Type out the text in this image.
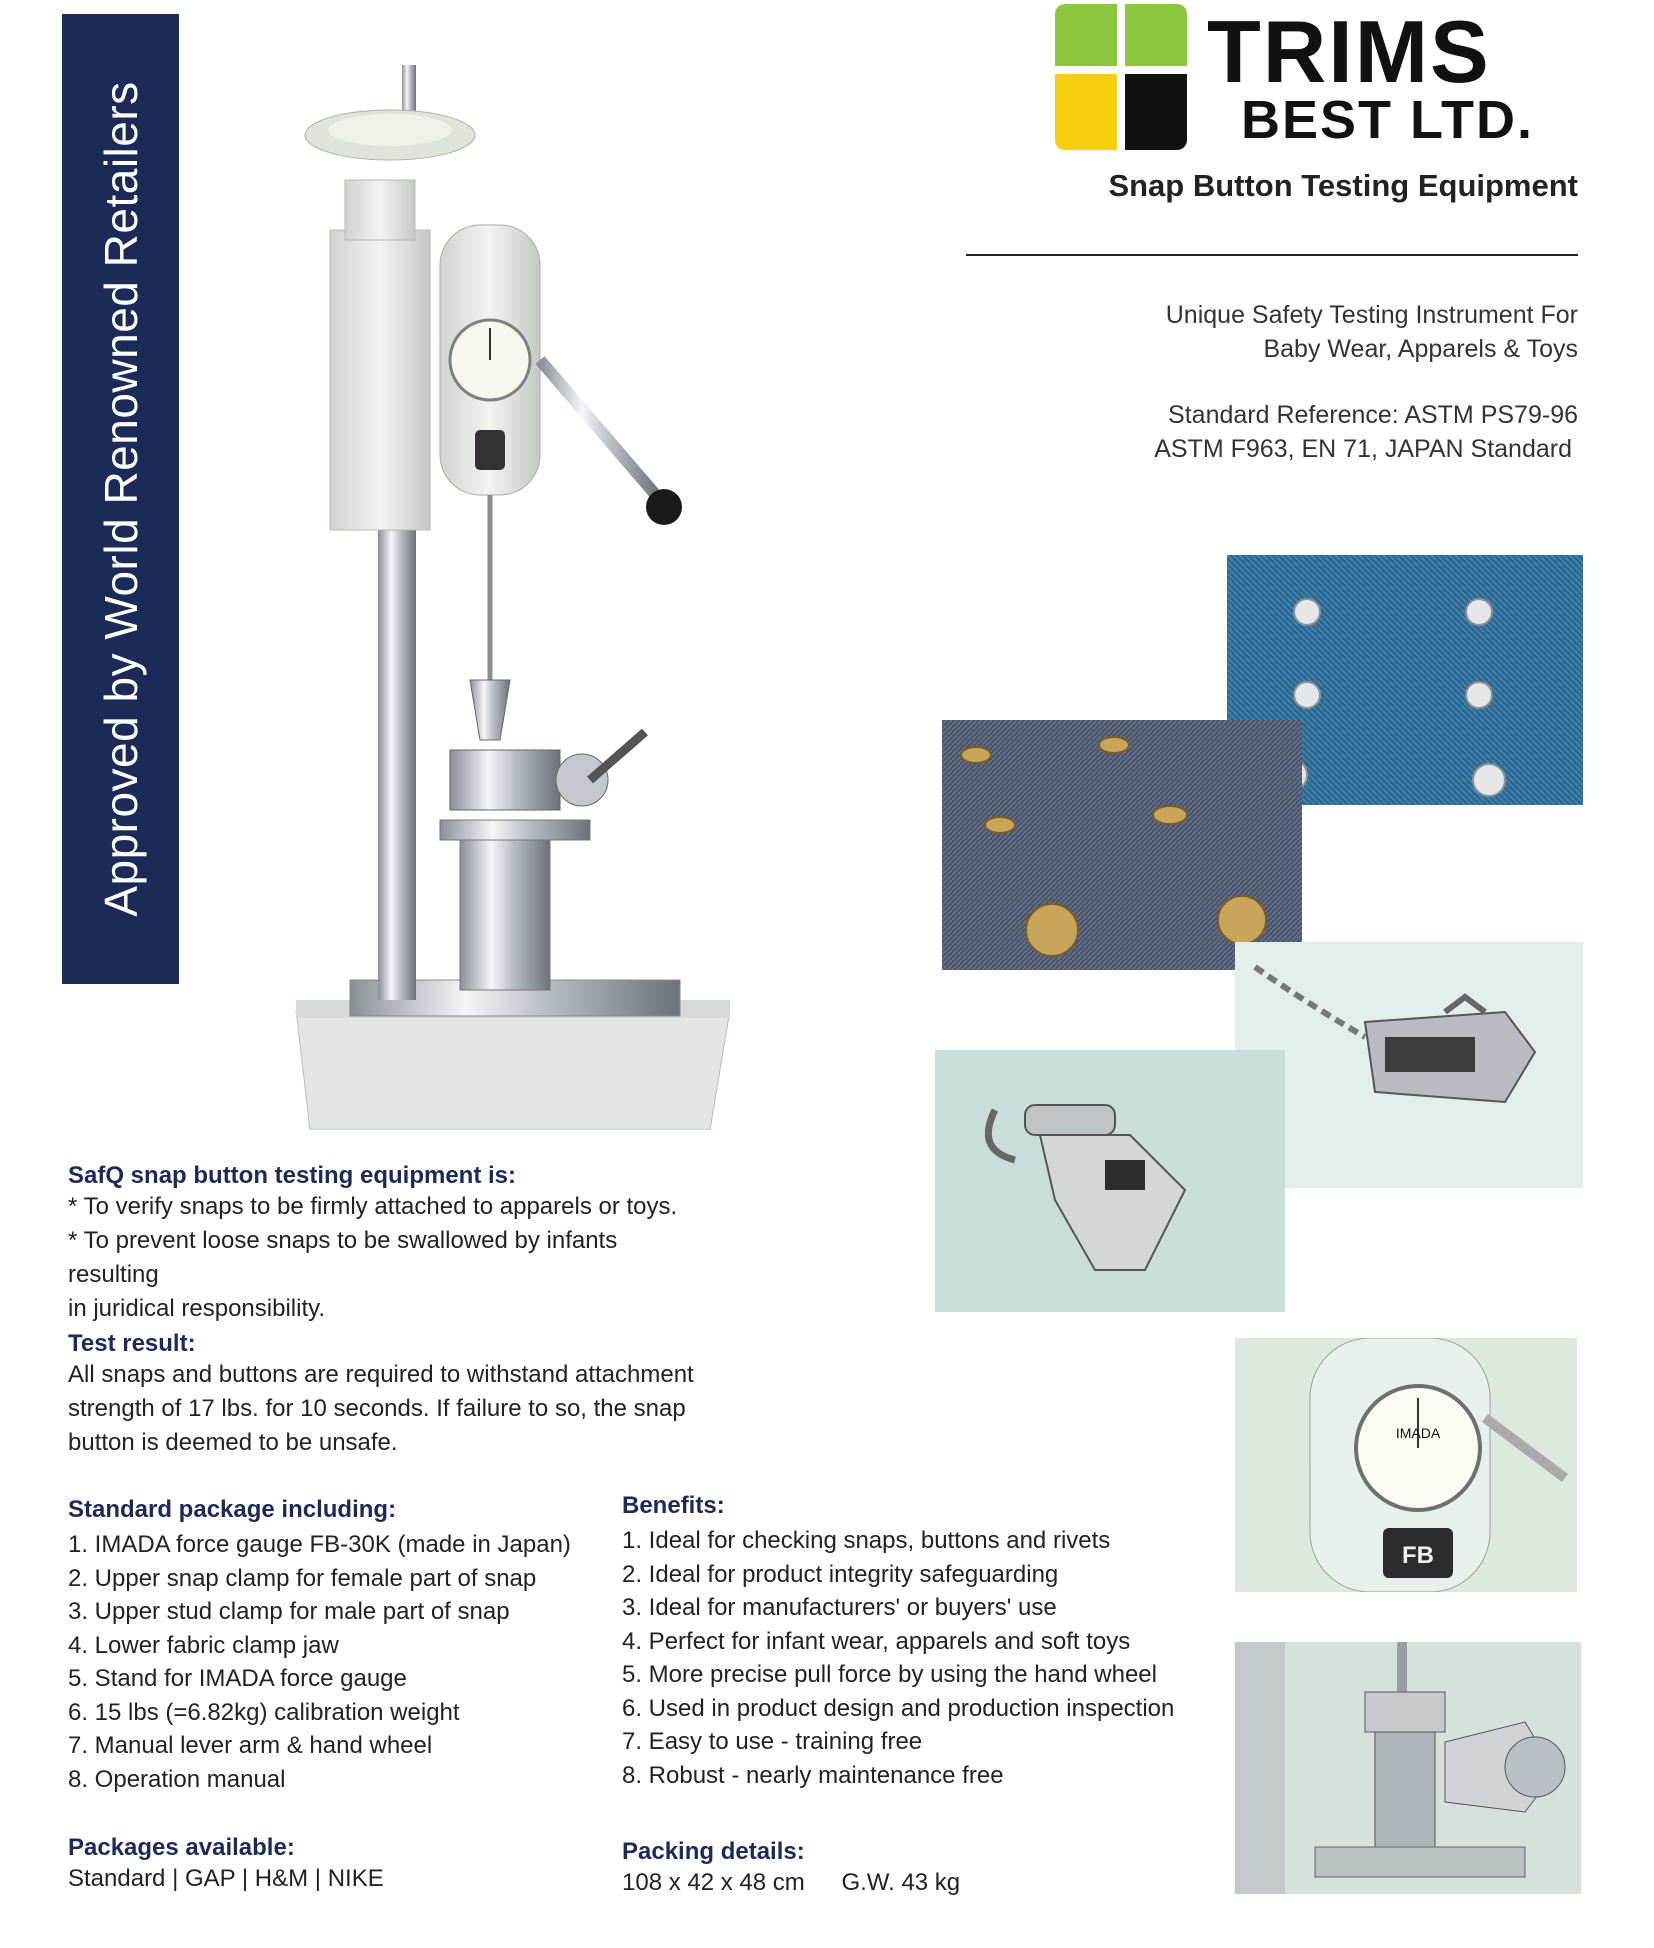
Approved by World Renowned Retailers
TRIMS
BEST LTD.
Snap Button Testing Equipment
Unique Safety Testing Instrument For
Baby Wear, Apparels & Toys
Standard Reference: ASTM PS79-96
ASTM F963, EN 71, JAPAN Standard
SafQ snap button testing equipment is:
* To verify snaps to be firmly attached to apparels or toys.
* To prevent loose snaps to be swallowed by infants resulting
in juridical responsibility.
Test result:
All snaps and buttons are required to withstand attachment
strength of 17 lbs. for 10 seconds. If failure to so, the snap
button is deemed to be unsafe.
Standard package including:
1. IMADA force gauge FB-30K (made in Japan)
2. Upper snap clamp for female part of snap
3. Upper stud clamp for male part of snap
4. Lower fabric clamp jaw
5. Stand for IMADA force gauge
6. 15 lbs (=6.82kg) calibration weight
7. Manual lever arm & hand wheel
8. Operation manual
Benefits:
1. Ideal for checking snaps, buttons and rivets
2. Ideal for product integrity safeguarding
3. Ideal for manufacturers' or buyers' use
4. Perfect for infant wear, apparels and soft toys
5. More precise pull force by using the hand wheel
6. Used in product design and production inspection
7. Easy to use - training free
8. Robust - nearly maintenance free
Packages available:
Standard | GAP | H&M | NIKE
Packing details:
108 x 42 x 48 cm G.W. 43 kg
IMADA
FB
